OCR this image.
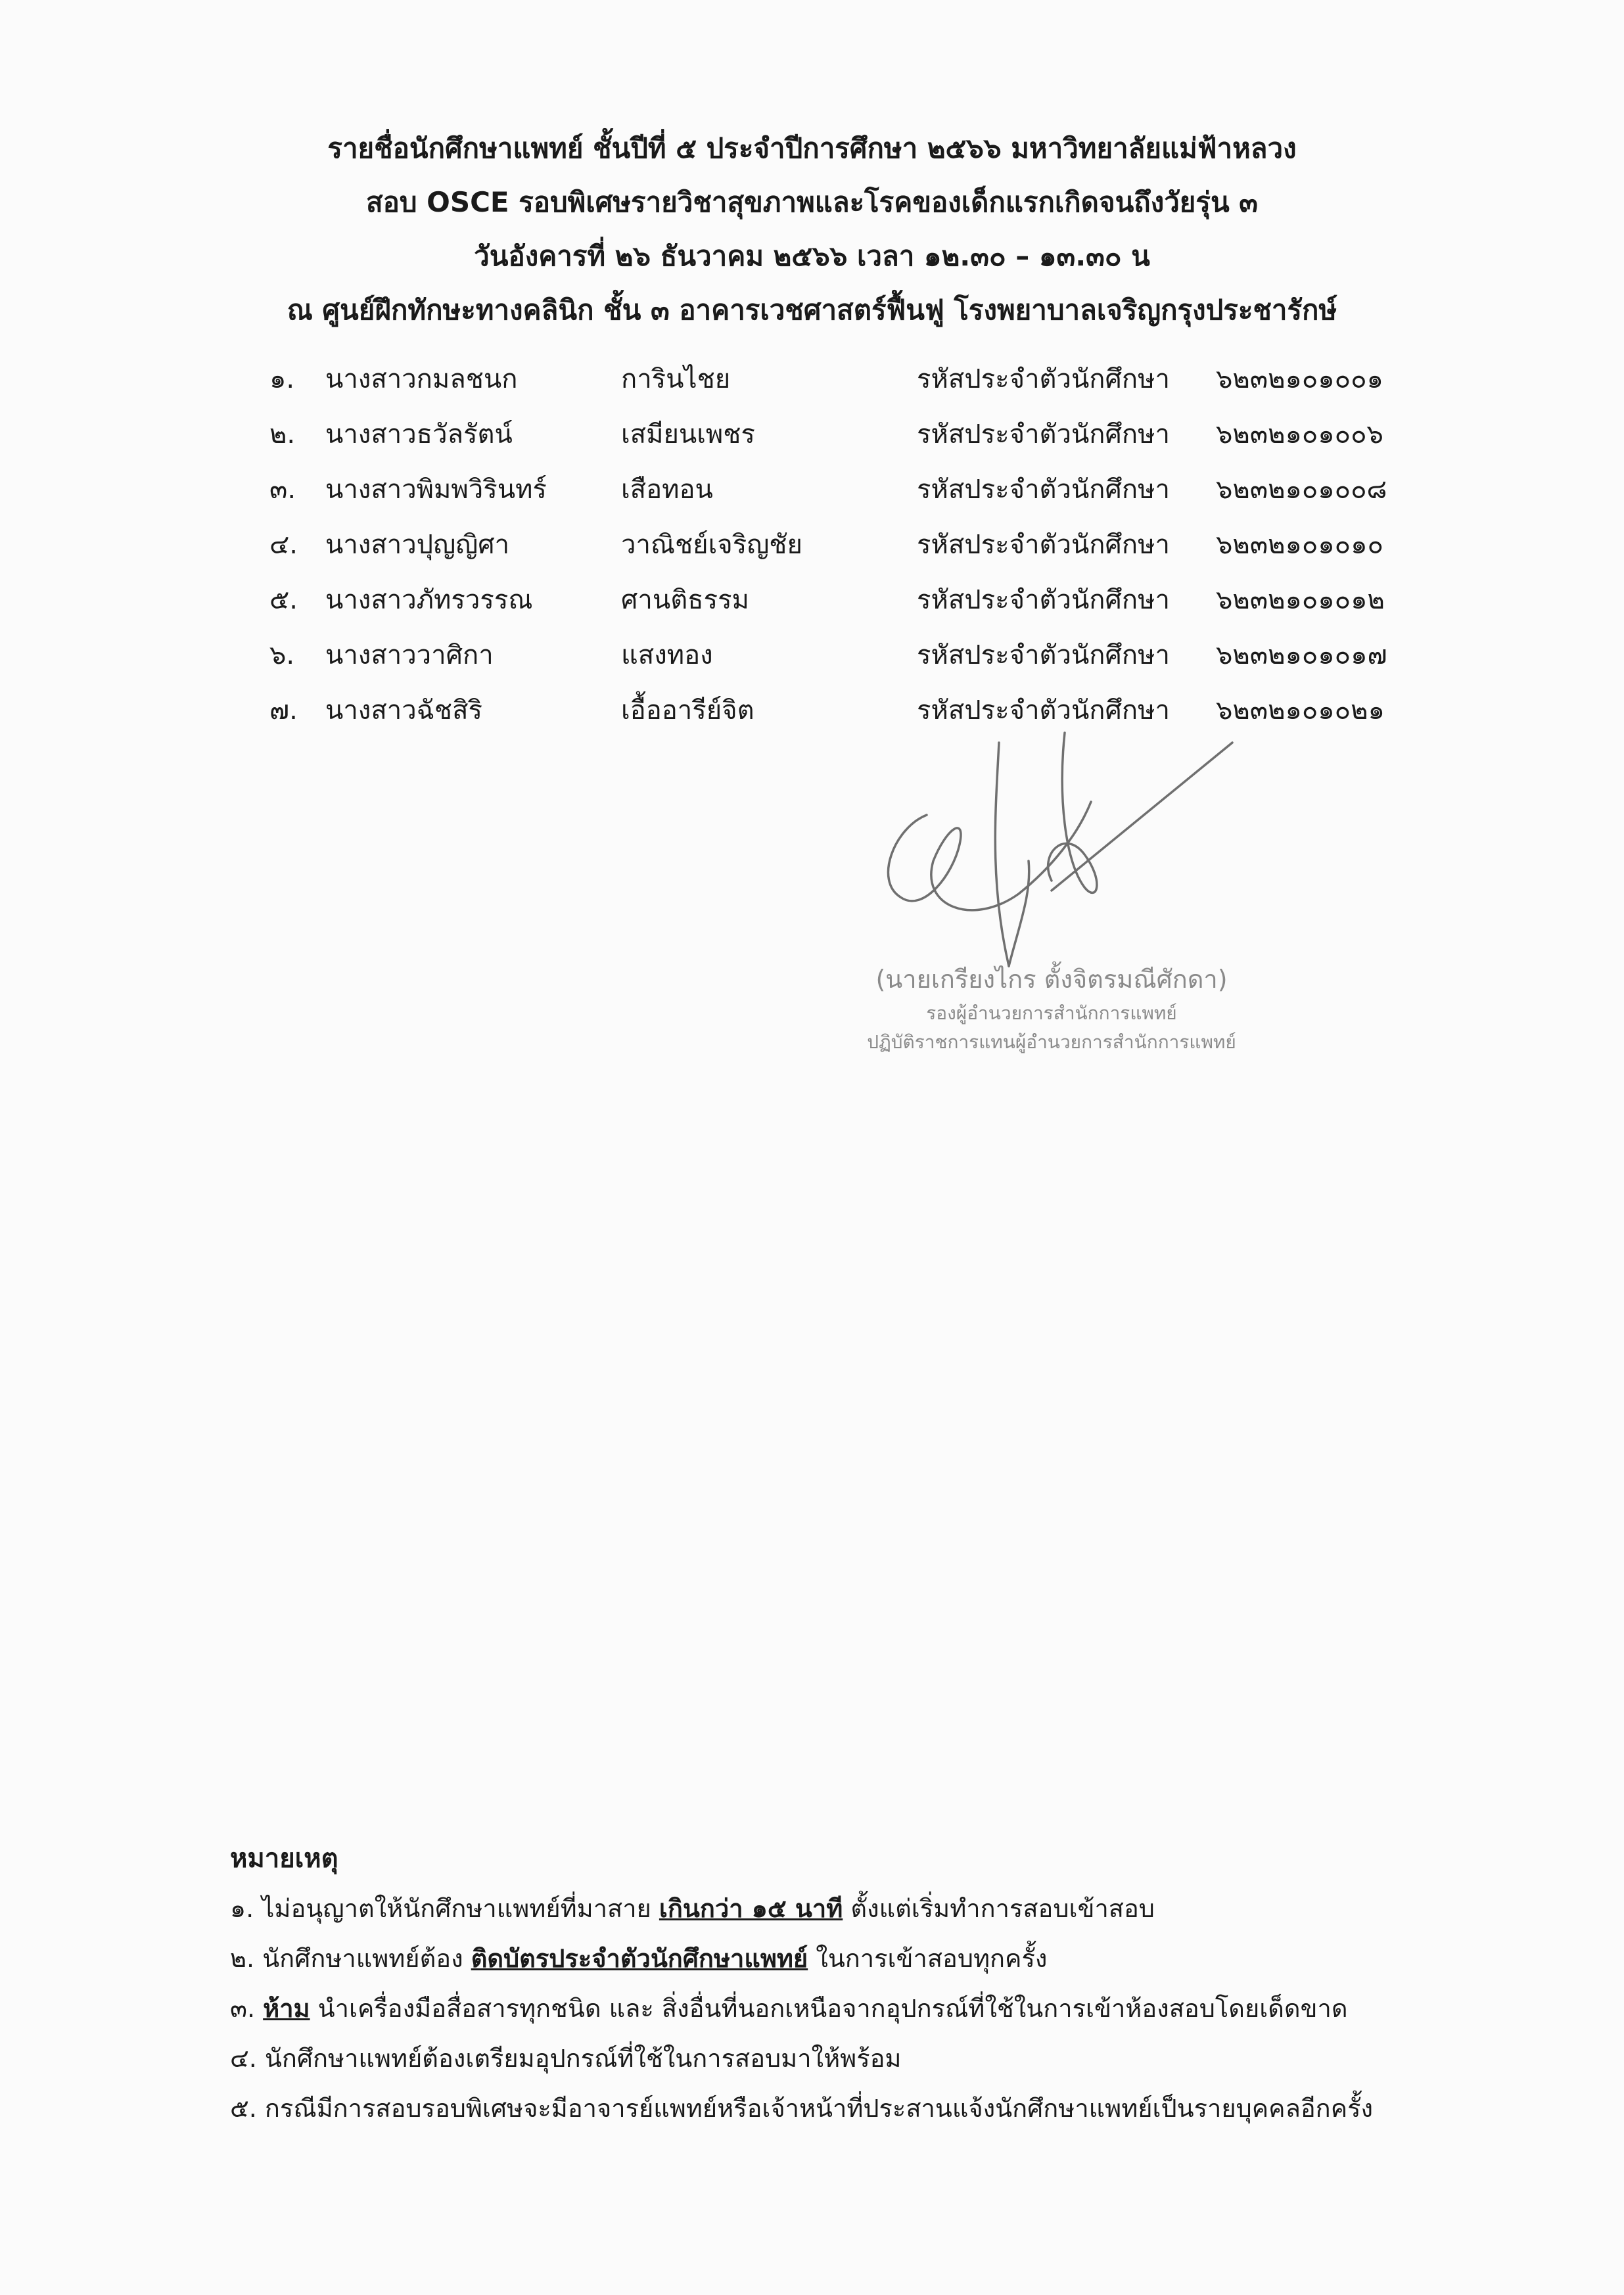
รายชื่อนักศึกษาแพทย์ ชั้นปีที่ ๕ ประจำปีการศึกษา ๒๕๖๖ มหาวิทยาลัยแม่ฟ้าหลวง
สอบ OSCE รอบพิเศษรายวิชาสุขภาพและโรคของเด็กแรกเกิดจนถึงวัยรุ่น ๓
วันอังคารที่ ๒๖ ธันวาคม ๒๕๖๖ เวลา ๑๒.๓๐ – ๑๓.๓๐ น
ณ ศูนย์ฝึกทักษะทางคลินิก ชั้น ๓ อาคารเวชศาสตร์ฟื้นฟู โรงพยาบาลเจริญกรุงประชารักษ์
๑. นางสาวกมลชนก	การินไชย	รหัสประจำตัวนักศึกษา ๖๒๓๒๑๐๑๐๐๑
๒. นางสาวธวัลรัตน์	เสมียนเพชร	รหัสประจำตัวนักศึกษา ๖๒๓๒๑๐๑๐๐๖
๓. นางสาวพิมพวิรินทร์	เสือทอน	รหัสประจำตัวนักศึกษา ๖๒๓๒๑๐๑๐๐๘
๔. นางสาวปุญญิศา	วาณิชย์เจริญชัย	รหัสประจำตัวนักศึกษา ๖๒๓๒๑๐๑๐๑๐
๕. นางสาวภัทรวรรณ	ศานติธรรม	รหัสประจำตัวนักศึกษา ๖๒๓๒๑๐๑๐๑๒
๖. นางสาววาศิกา	แสงทอง	รหัสประจำตัวนักศึกษา ๖๒๓๒๑๐๑๐๑๗
๗. นางสาวฉัชสิริ	เอื้ออารีย์จิต	รหัสประจำตัวนักศึกษา ๖๒๓๒๑๐๑๐๒๑
(นายเกรียงไกร ตั้งจิตรมณีศักดา)
รองผู้อำนวยการสำนักการแพทย์
ปฏิบัติราชการแทนผู้อำนวยการสำนักการแพทย์
หมายเหตุ
๑. ไม่อนุญาตให้นักศึกษาแพทย์ที่มาสาย เกินกว่า ๑๕ นาที ตั้งแต่เริ่มทำการสอบเข้าสอบ
๒. นักศึกษาแพทย์ต้อง ติดบัตรประจำตัวนักศึกษาแพทย์ ในการเข้าสอบทุกครั้ง
๓. ห้าม นำเครื่องมือสื่อสารทุกชนิด และ สิ่งอื่นที่นอกเหนือจากอุปกรณ์ที่ใช้ในการเข้าห้องสอบโดยเด็ดขาด
๔. นักศึกษาแพทย์ต้องเตรียมอุปกรณ์ที่ใช้ในการสอบมาให้พร้อม
๕. กรณีมีการสอบรอบพิเศษจะมีอาจารย์แพทย์หรือเจ้าหน้าที่ประสานแจ้งนักศึกษาแพทย์เป็นรายบุคคลอีกครั้ง
